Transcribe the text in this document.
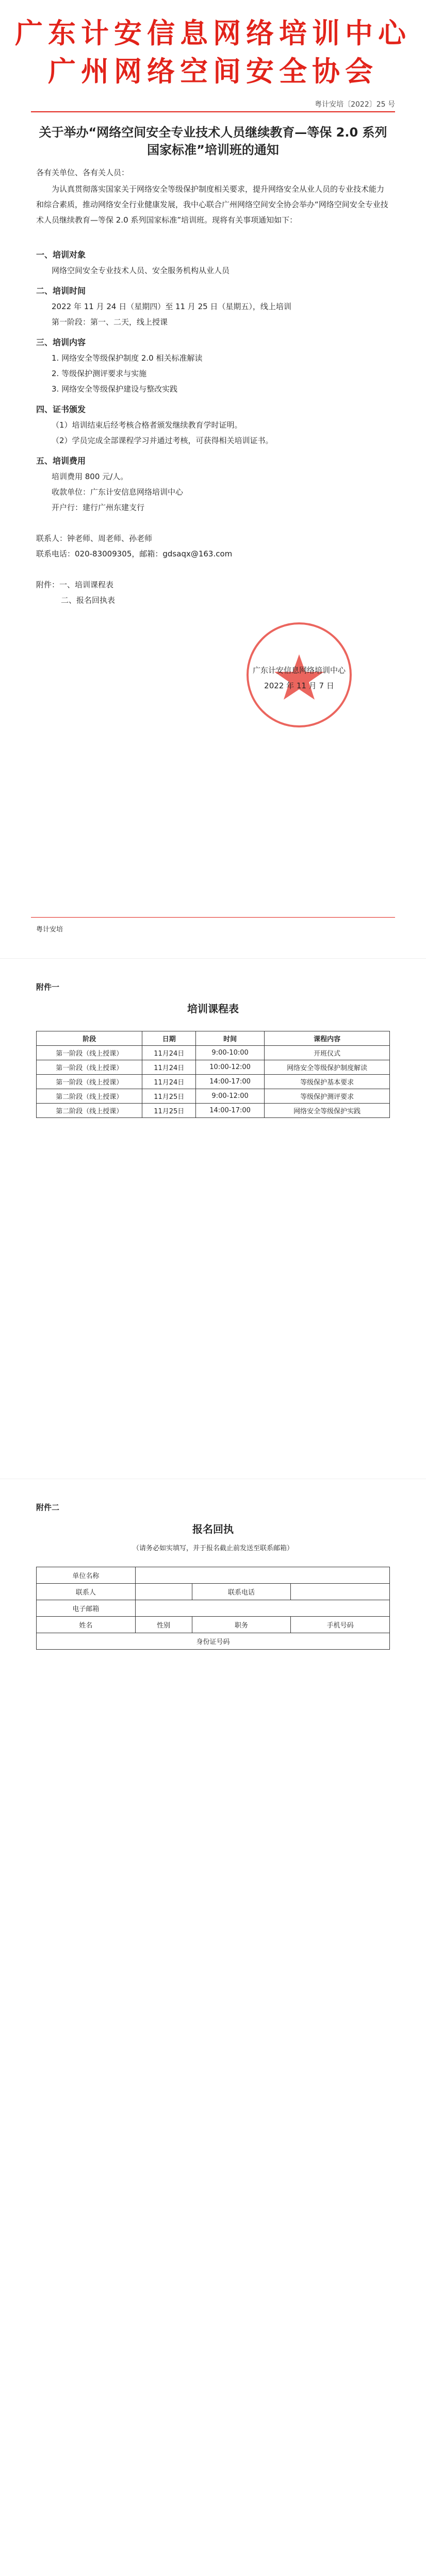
广东计安信息网络培训中心
广州网络空间安全协会
粤计安培〔2022〕25 号
关于举办“网络空间安全专业技术人员继续教育—等保 2.0 系列国家标准”培训班的通知
各有关单位、各有关人员：
为认真贯彻落实国家关于网络安全等级保护制度相关要求，提升网络安全从业人员的专业技术能力和综合素质，推动网络安全行业健康发展，我中心联合广州网络空间安全协会举办“网络空间安全专业技术人员继续教育—等保 2.0 系列国家标准”培训班。现将有关事项通知如下：
一、培训对象
网络空间安全专业技术人员、安全服务机构从业人员
二、培训时间
2022 年 11 月 24 日（星期四）至 11 月 25 日（星期五），线上培训
第一阶段：第一、二天，线上授课
三、培训内容
1. 网络安全等级保护制度 2.0 相关标准解读
2. 等级保护测评要求与实施
3. 网络安全等级保护建设与整改实践
四、证书颁发
（1）培训结束后经考核合格者颁发继续教育学时证明。
（2）学员完成全部课程学习并通过考核，可获得相关培训证书。
五、培训费用
培训费用 800 元/人。
收款单位：广东计安信息网络培训中心
开户行：建行广州东建支行
联系人：钟老师、周老师、孙老师
联系电话：020-83009305，邮箱：gdsaqx@163.com
附件：一、培训课程表
二、报名回执表
广东计安信息网络培训中心
2022 年 11 月 7 日
粤计安培
附件一
培训课程表
阶段	日期	时间	课程内容
第一阶段（线上授课）	11月24日	9:00-10:00	开班仪式
第一阶段（线上授课）	11月24日	10:00-12:00	网络安全等级保护制度解读
第一阶段（线上授课）	11月24日	14:00-17:00	等级保护基本要求
第二阶段（线上授课）	11月25日	9:00-12:00	等级保护测评要求
第二阶段（线上授课）	11月25日	14:00-17:00	网络安全等级保护实践
附件二
报名回执
（请务必如实填写，并于报名截止前发送至联系邮箱）
单位名称			
联系人		联系电话	
电子邮箱			
姓名	性别	职务	手机号码
身份证号码			
